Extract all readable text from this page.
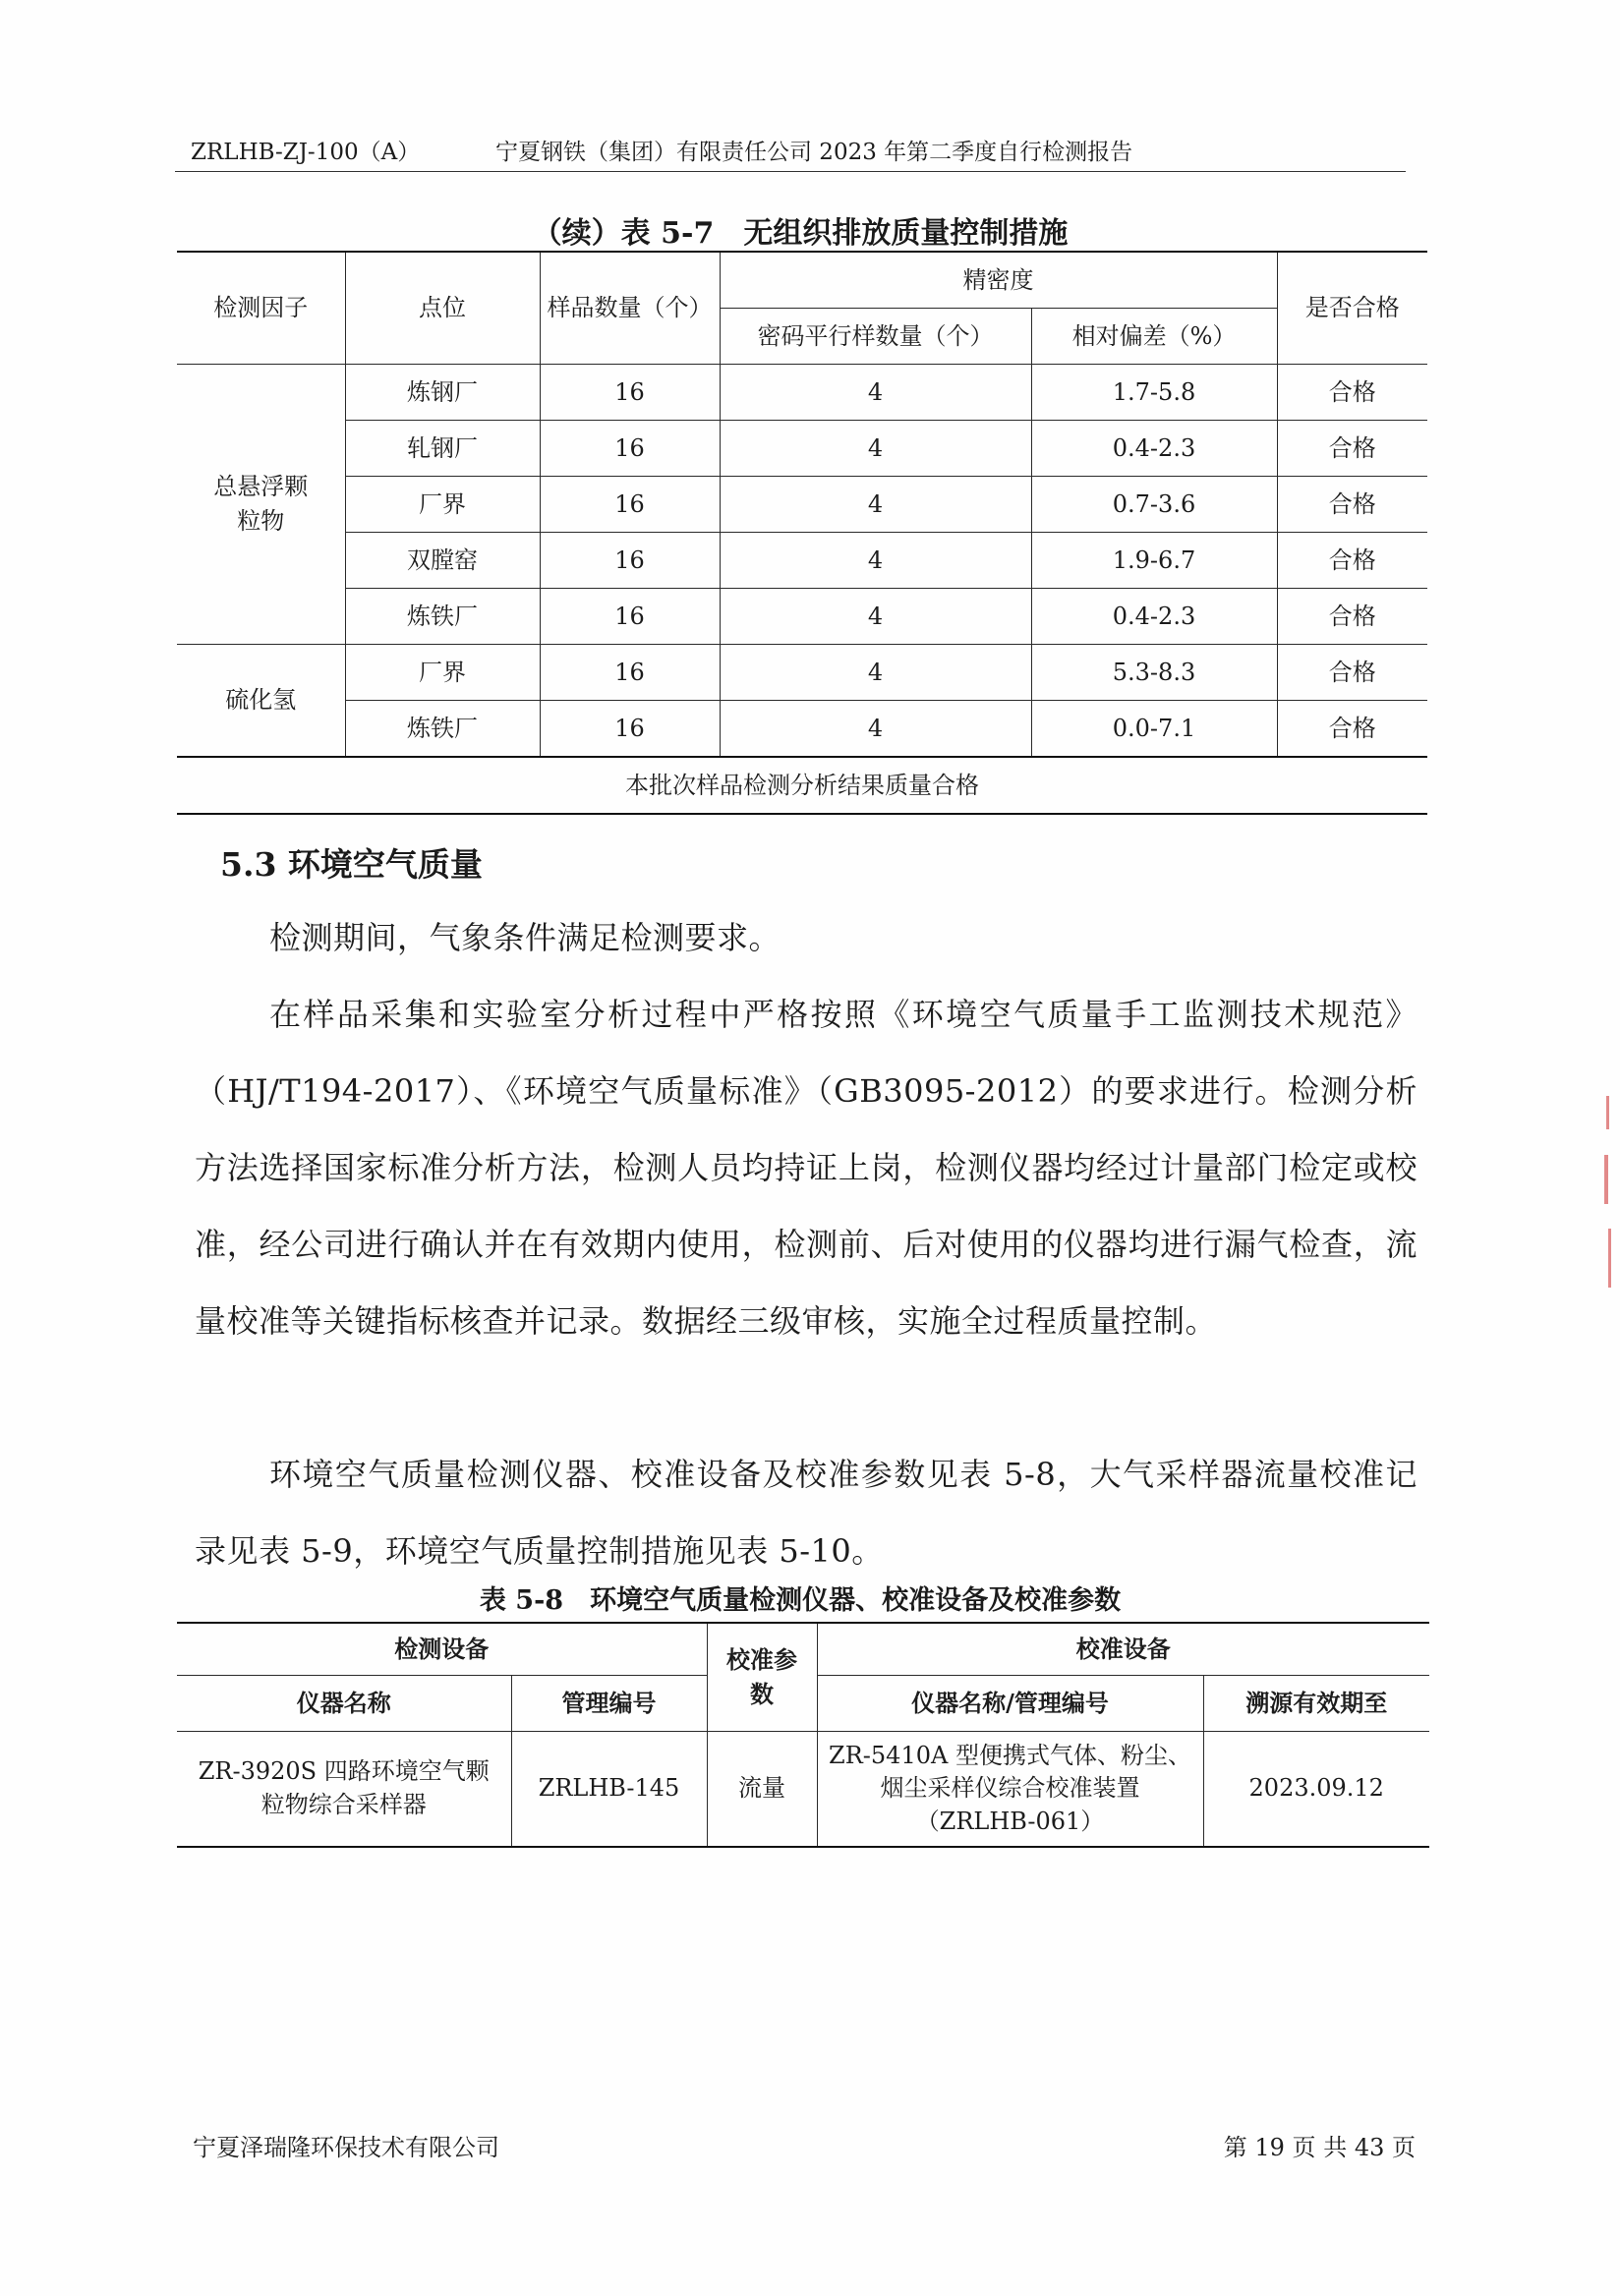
ZRLHB-ZJ-100（A）	宁夏钢铁（集团）有限责任公司 2023 年第二季度自行检测报告
（续）表 5-7　无组织排放质量控制措施
检测因子	点位	样品数量（个）	精密度		是否合格
			密码平行样数量（个）	相对偏差（%）	
总悬浮颗粒物	炼钢厂	16	4	1.7-5.8	合格
	轧钢厂	16	4	0.4-2.3	合格
	厂界	16	4	0.7-3.6	合格
	双膛窑	16	4	1.9-6.7	合格
	炼铁厂	16	4	0.4-2.3	合格
硫化氢	厂界	16	4	5.3-8.3	合格
	炼铁厂	16	4	0.0-7.1	合格
本批次样品检测分析结果质量合格					
5.3 环境空气质量
检测期间，气象条件满足检测要求。
在样品采集和实验室分析过程中严格按照《环境空气质量手工监测技术规范》（HJ/T194-2017）、《环境空气质量标准》（GB3095-2012）的要求进行。检测分析方法选择国家标准分析方法，检测人员均持证上岗，检测仪器均经过计量部门检定或校准，经公司进行确认并在有效期内使用，检测前、后对使用的仪器均进行漏气检查，流量校准等关键指标核查并记录。数据经三级审核，实施全过程质量控制。
环境空气质量检测仪器、校准设备及校准参数见表 5-8，大气采样器流量校准记录见表 5-9，环境空气质量控制措施见表 5-10。
表 5-8　环境空气质量检测仪器、校准设备及校准参数
检测设备		校准参数	校准设备	
仪器名称	管理编号		仪器名称/管理编号	溯源有效期至
ZR-3920S 四路环境空气颗粒物综合采样器	ZRLHB-145	流量	ZR-5410A 型便携式气体、粉尘、烟尘采样仪综合校准装置（ZRLHB-061）	2023.09.12
宁夏泽瑞隆环保技术有限公司	第 19 页 共 43 页
